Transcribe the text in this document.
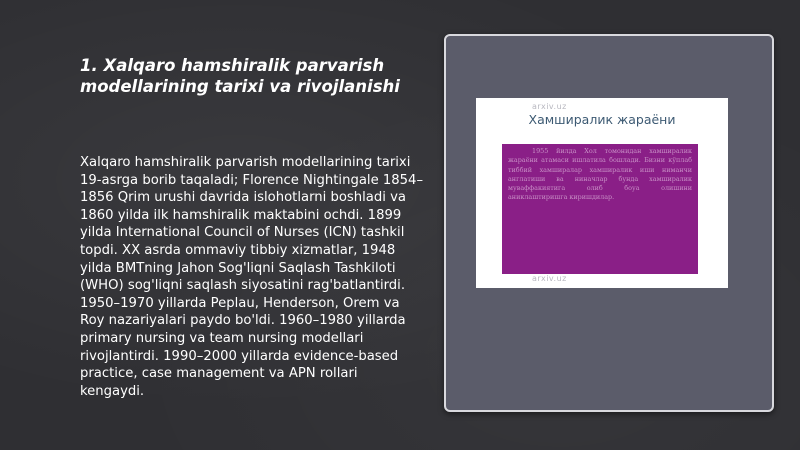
1. Xalqaro hamshiralik parvarish modellarining tarixi va rivojlanishi

Xalqaro hamshiralik parvarish modellarining tarixi 19-asrga borib taqaladi; Florence Nightingale 1854–1856 Qrim urushi davrida islohotlarni boshladi va 1860 yilda ilk hamshiralik maktabini ochdi. 1899 yilda International Council of Nurses (ICN) tashkil topdi. XX asrda ommaviy tibbiy xizmatlar, 1948 yilda BMTning Jahon Sog'liqni Saqlash Tashkiloti (WHO) sog'liqni saqlash siyosatini rag'batlantirdi. 1950–1970 yillarda Peplau, Henderson, Orem va Roy nazariyalari paydo bo'ldi. 1960–1980 yillarda primary nursing va team nursing modellari rivojlantirdi. 1990–2000 yillarda evidence-based practice, case management va APN rollari kengaydi.

arxiv.uz
Хамширалик жараёни

1955 йилда Хол томонидан хамширалик жараёни атамаси ишлатила бошлади. Бизни кўплаб тиббий хамширалар хамширалик иши ниманчи англатиши ва ниначлар бунда хамширалик муваффакиятига олиб боуа олишини аниклаштиришга киришдилар.

arxiv.uz
